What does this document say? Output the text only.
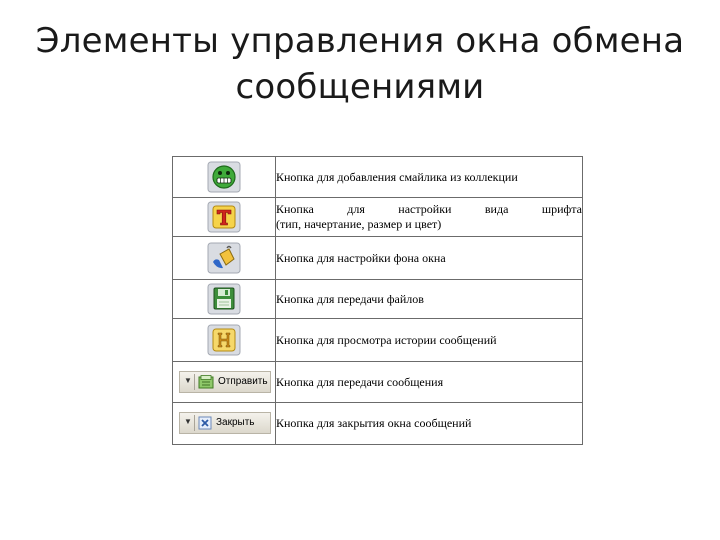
Элементы управления окна обмена
сообщениями
	Кнопка для добавления смайлика из коллекции

Кнопка для настройки вида шрифта
(тип, начертание, размер и цвет)

	Кнопка для настройки фона окна

	Кнопка для передачи файлов

	Кнопка для просмотра истории сообщений

▼ Отправить	Кнопка для передачи сообщения

▼ Закрыть	Кнопка для закрытия окна сообщений
